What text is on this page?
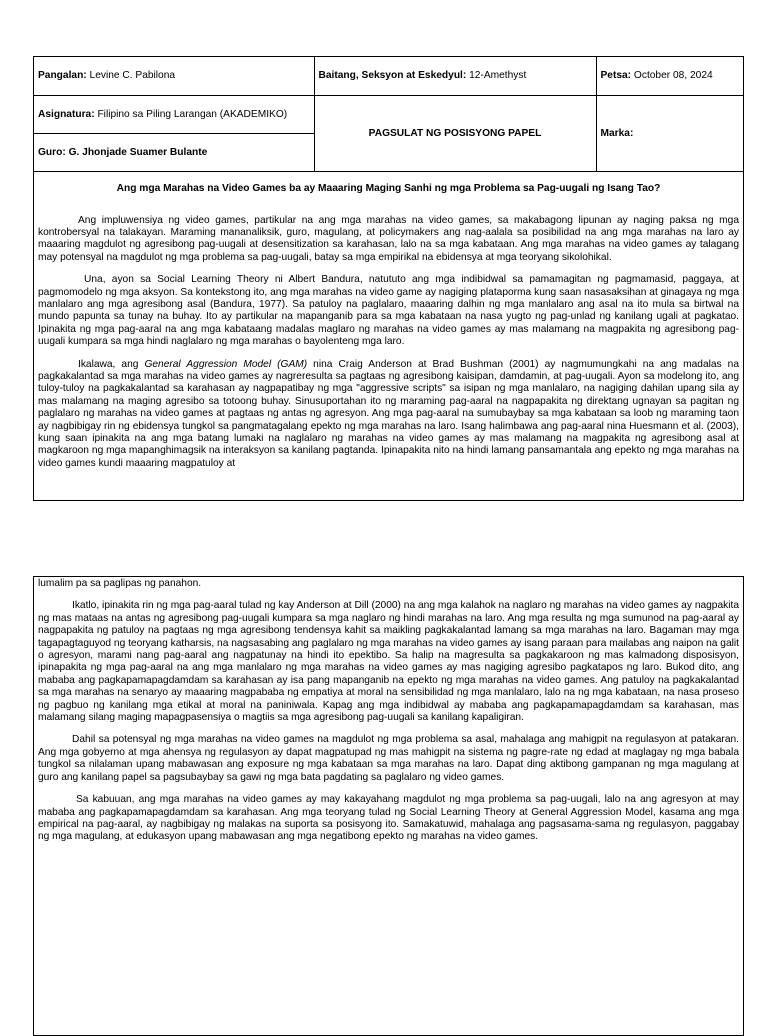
Pangalan: Levine C. Pabilona	Baitang, Seksyon at Eskedyul: 12-Amethyst	Petsa: October 08, 2024
Asignatura: Filipino sa Piling Larangan (AKADEMIKO)	PAGSULAT NG POSISYONG PAPEL	Marka:
Guro: G. Jhonjade Suamer Bulante		
Ang mga Marahas na Video Games ba ay Maaaring Maging Sanhi ng mga Problema sa Pag-uugali ng Isang Tao?

Ang impluwensiya ng video games, partikular na ang mga marahas na video games, sa makabagong lipunan ay naging paksa ng mga kontrobersyal na talakayan. Maraming mananaliksik, guro, magulang, at policymakers ang nag-aalala sa posibilidad na ang mga marahas na laro ay maaaring magdulot ng agresibong pag-uugali at desensitization sa karahasan, lalo na sa mga kabataan. Ang mga marahas na video games ay talagang may potensyal na magdulot ng mga problema sa pag-uugali, batay sa mga empirikal na ebidensya at mga teoryang sikolohikal.

Una, ayon sa Social Learning Theory ni Albert Bandura, natututo ang mga indibidwal sa pamamagitan ng pagmamasid, paggaya, at pagmomodelo ng mga aksyon. Sa kontekstong ito, ang mga marahas na video game ay nagiging plataporma kung saan nasasaksihan at ginagaya ng mga manlalaro ang mga agresibong asal (Bandura, 1977). Sa patuloy na paglalaro, maaaring dalhin ng mga manlalaro ang asal na ito mula sa birtwal na mundo papunta sa tunay na buhay. Ito ay partikular na mapanganib para sa mga kabataan na nasa yugto ng pag-unlad ng kanilang ugali at pagkatao. Ipinakita ng mga pag-aaral na ang mga kabataang madalas maglaro ng marahas na video games ay mas malamang na magpakita ng agresibong pag-uugali kumpara sa mga hindi naglalaro ng mga marahas o bayolenteng mga laro.

Ikalawa, ang General Aggression Model (GAM) nina Craig Anderson at Brad Bushman (2001) ay nagmumungkahi na ang madalas na pagkakalantad sa mga marahas na video games ay nagreresulta sa pagtaas ng agresibong kaisipan, damdamin, at pag-uugali. Ayon sa modelong ito, ang tuloy-tuloy na pagkakalantad sa karahasan ay nagpapatibay ng mga "aggressive scripts" sa isipan ng mga manlalaro, na nagiging dahilan upang sila ay mas malamang na maging agresibo sa totoong buhay. Sinusuportahan ito ng maraming pag-aaral na nagpapakita ng direktang ugnayan sa pagitan ng paglalaro ng marahas na video games at pagtaas ng antas ng agresyon. Ang mga pag-aaral na sumubaybay sa mga kabataan sa loob ng maraming taon ay nagbibigay rin ng ebidensya tungkol sa pangmatagalang epekto ng mga marahas na laro. Isang halimbawa ang pag-aaral nina Huesmann et al. (2003), kung saan ipinakita na ang mga batang lumaki na naglalaro ng marahas na video games ay mas malamang na magpakita ng agresibong asal at magkaroon ng mga mapanghimagsik na interaksyon sa kanilang pagtanda. Ipinapakita nito na hindi lamang pansamantala ang epekto ng mga marahas na video games kundi maaaring magpatuloy at

lumalim pa sa paglipas ng panahon.

Ikatlo, ipinakita rin ng mga pag-aaral tulad ng kay Anderson at Dill (2000) na ang mga kalahok na naglaro ng marahas na video games ay nagpakita ng mas mataas na antas ng agresibong pag-uugali kumpara sa mga naglaro ng hindi marahas na laro. Ang mga resulta ng mga sumunod na pag-aaral ay nagpapakita ng patuloy na pagtaas ng mga agresibong tendensya kahit sa maikling pagkakalantad lamang sa mga marahas na laro. Bagaman may mga tagapagtaguyod ng teoryang katharsis, na nagsasabing ang paglalaro ng mga marahas na video games ay isang paraan para mailabas ang naipon na galit o agresyon, marami nang pag-aaral ang nagpatunay na hindi ito epektibo. Sa halip na magresulta sa pagkakaroon ng mas kalmadong disposisyon, ipinapakita ng mga pag-aaral na ang mga manlalaro ng mga marahas na video games ay mas nagiging agresibo pagkatapos ng laro. Bukod dito, ang mababa ang pagkapamapagdamdam sa karahasan ay isa pang mapanganib na epekto ng mga marahas na video games. Ang patuloy na pagkakalantad sa mga marahas na senaryo ay maaaring magpababa ng empatiya at moral na sensibilidad ng mga manlalaro, lalo na ng mga kabataan, na nasa proseso ng pagbuo ng kanilang mga etikal at moral na paniniwala. Kapag ang mga indibidwal ay mababa ang pagkapamapagdamdam sa karahasan, mas malamang silang maging mapagpasensiya o magtiis sa mga agresibong pag-uugali sa kanilang kapaligiran.

Dahil sa potensyal ng mga marahas na video games na magdulot ng mga problema sa asal, mahalaga ang mahigpit na regulasyon at patakaran. Ang mga gobyerno at mga ahensya ng regulasyon ay dapat magpatupad ng mas mahigpit na sistema ng pagre-rate ng edad at maglagay ng mga babala tungkol sa nilalaman upang mabawasan ang exposure ng mga kabataan sa mga marahas na laro. Dapat ding aktibong gampanan ng mga magulang at guro ang kanilang papel sa pagsubaybay sa gawi ng mga bata pagdating sa paglalaro ng video games.

Sa kabuuan, ang mga marahas na video games ay may kakayahang magdulot ng mga problema sa pag-uugali, lalo na ang agresyon at may mababa ang pagkapamapagdamdam sa karahasan. Ang mga teoryang tulad ng Social Learning Theory at General Aggression Model, kasama ang mga empirical na pag-aaral, ay nagbibigay ng malakas na suporta sa posisyong ito. Samakatuwid, mahalaga ang pagsasama-sama ng regulasyon, paggabay ng mga magulang, at edukasyon upang mabawasan ang mga negatibong epekto ng marahas na video games.
